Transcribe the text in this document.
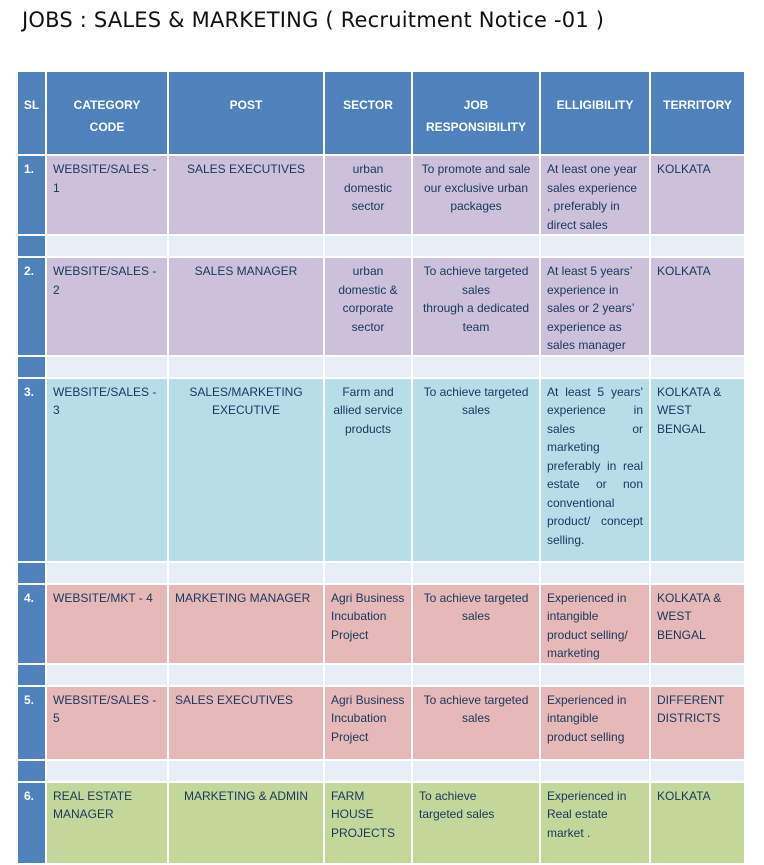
JOBS : SALES & MARKETING ( Recruitment Notice -01 )
SL	CATEGORY
CODE	POST	SECTOR	JOB
RESPONSIBILITY	ELLIGIBILITY	TERRITORY

1.	WEBSITE/SALES - 1	SALES EXECUTIVES	urban
domestic
sector	To promote and sale
our exclusive urban
packages	At least one year
sales experience
, preferably in
direct sales	KOLKATA

2.	WEBSITE/SALES - 2	SALES MANAGER	urban
domestic &
corporate
sector	To achieve targeted
sales
through a dedicated
team	At least 5 years’
experience in
sales or 2 years’
experience as
sales manager	KOLKATA

3.	WEBSITE/SALES - 3	SALES/MARKETING
EXECUTIVE	Farm and
allied service
products	To achieve targeted
sales	At least 5 years’ experience in sales or marketing preferably in real estate or non conventional product/ concept selling.	KOLKATA &
WEST BENGAL

4.	WEBSITE/MKT - 4	MARKETING MANAGER	Agri Business
Incubation
Project	To achieve targeted
sales	Experienced in
intangible
product selling/
marketing	KOLKATA &
WEST BENGAL

5.	WEBSITE/SALES - 5	SALES EXECUTIVES	Agri Business
Incubation
Project	To achieve targeted
sales	Experienced in
intangible
product selling	DIFFERENT
DISTRICTS

6.	REAL ESTATE
MANAGER	MARKETING & ADMIN	FARM
HOUSE
PROJECTS	To achieve
targeted sales	Experienced in
Real estate
market .	KOLKATA
